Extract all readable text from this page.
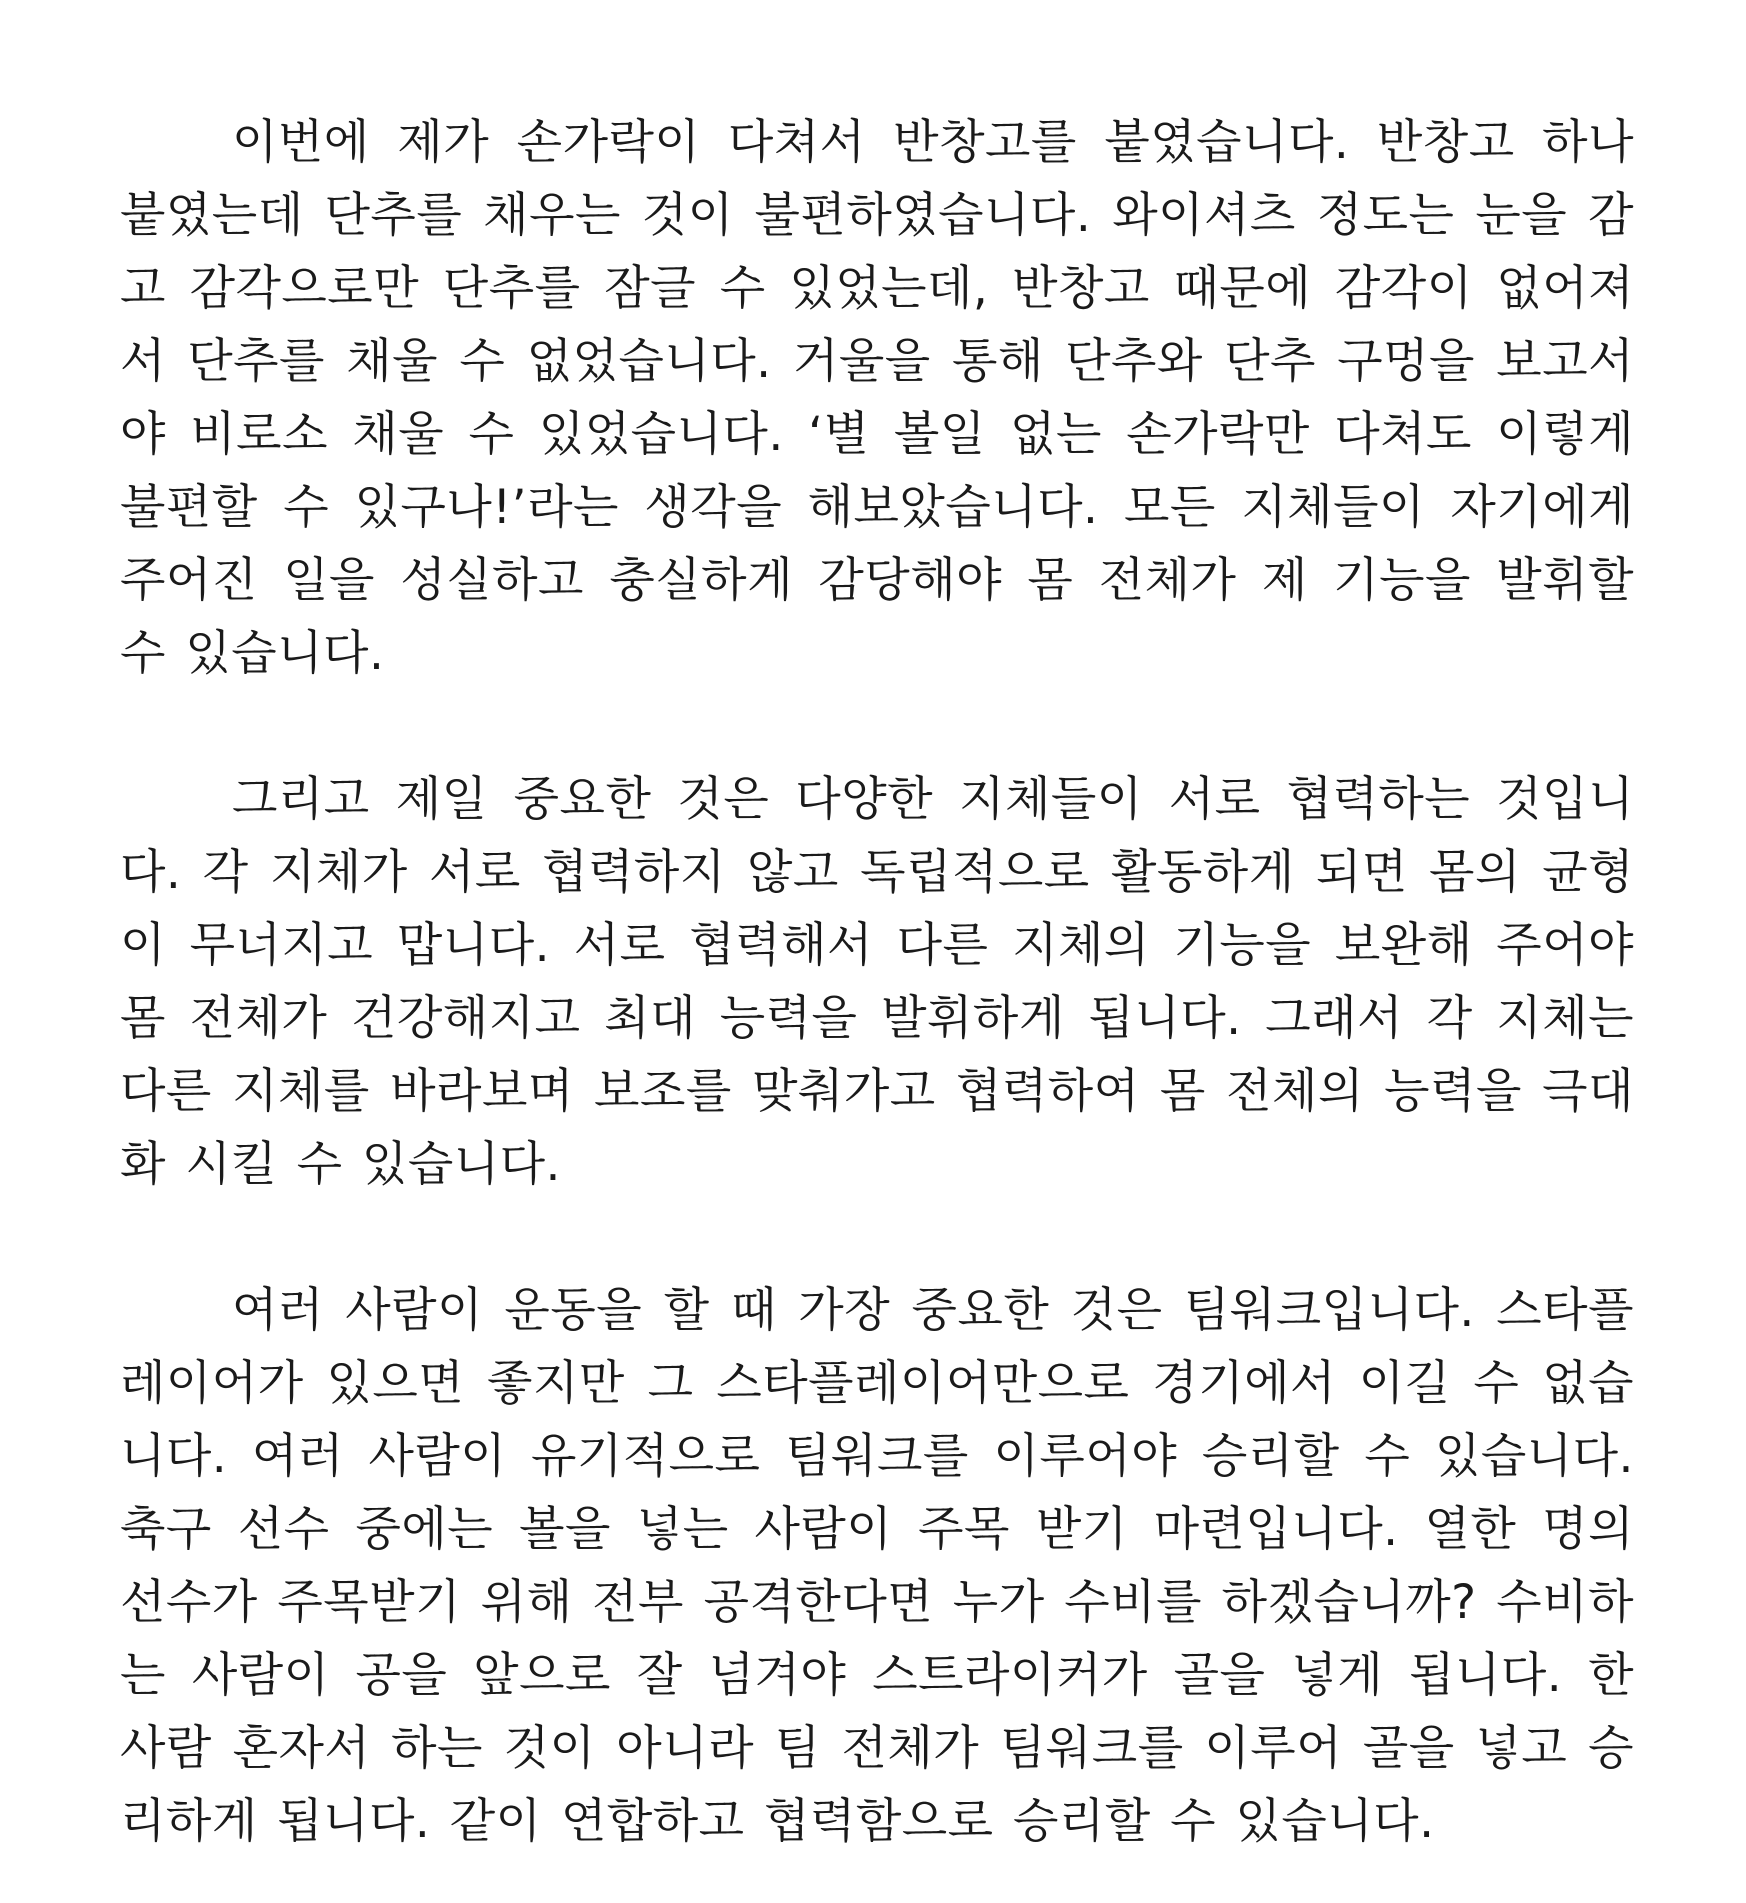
이번에 제가 손가락이 다쳐서 반창고를 붙였습니다. 반창고 하나 붙였는데 단추를 채우는 것이 불편하였습니다. 와이셔츠 정도는 눈을 감고 감각으로만 단추를 잠글 수 있었는데, 반창고 때문에 감각이 없어져서 단추를 채울 수 없었습니다. 거울을 통해 단추와 단추 구멍을 보고서야 비로소 채울 수 있었습니다. ‘별 볼일 없는 손가락만 다쳐도 이렇게 불편할 수 있구나!’라는 생각을 해보았습니다. 모든 지체들이 자기에게 주어진 일을 성실하고 충실하게 감당해야 몸 전체가 제 기능을 발휘할 수 있습니다.

그리고 제일 중요한 것은 다양한 지체들이 서로 협력하는 것입니다. 각 지체가 서로 협력하지 않고 독립적으로 활동하게 되면 몸의 균형이 무너지고 맙니다. 서로 협력해서 다른 지체의 기능을 보완해 주어야 몸 전체가 건강해지고 최대 능력을 발휘하게 됩니다. 그래서 각 지체는 다른 지체를 바라보며 보조를 맞춰가고 협력하여 몸 전체의 능력을 극대화 시킬 수 있습니다.

여러 사람이 운동을 할 때 가장 중요한 것은 팀워크입니다. 스타플레이어가 있으면 좋지만 그 스타플레이어만으로 경기에서 이길 수 없습니다. 여러 사람이 유기적으로 팀워크를 이루어야 승리할 수 있습니다. 축구 선수 중에는 볼을 넣는 사람이 주목 받기 마련입니다. 열한 명의 선수가 주목받기 위해 전부 공격한다면 누가 수비를 하겠습니까? 수비하는 사람이 공을 앞으로 잘 넘겨야 스트라이커가 골을 넣게 됩니다. 한 사람 혼자서 하는 것이 아니라 팀 전체가 팀워크를 이루어 골을 넣고 승리하게 됩니다. 같이 연합하고 협력함으로 승리할 수 있습니다.
